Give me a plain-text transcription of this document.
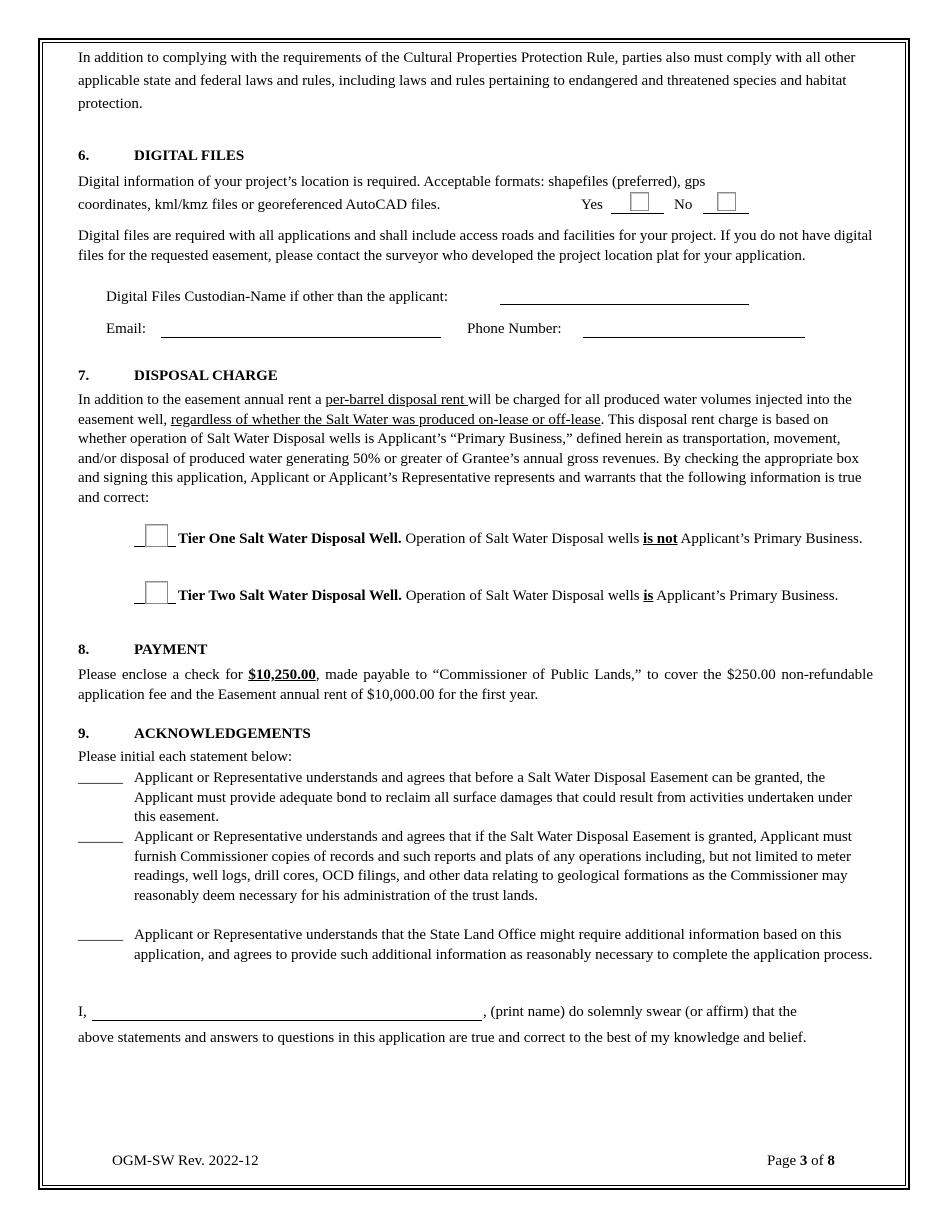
In addition to complying with the requirements of the Cultural Properties Protection Rule, parties also must comply with all other applicable state and federal laws and rules, including laws and rules pertaining to endangered and threatened species and habitat protection.
6.	DIGITAL FILES
Digital information of your project’s location is required. Acceptable formats: shapefiles (preferred), gps
coordinates, kml/kmz files or georeferenced AutoCAD files.	Yes	No
Digital files are required with all applications and shall include access roads and facilities for your project. If you do not have digital files for the requested easement, please contact the surveyor who developed the project location plat for your application.
Digital Files Custodian-Name if other than the applicant:
Email:	Phone Number:
7.	DISPOSAL CHARGE
In addition to the easement annual rent a per-barrel disposal rent will be charged for all produced water volumes injected into the easement well, regardless of whether the Salt Water was produced on-lease or off-lease. This disposal rent charge is based on whether operation of Salt Water Disposal wells is Applicant’s “Primary Business,” defined herein as transportation, movement, and/or disposal of produced water generating 50% or greater of Grantee’s annual gross revenues. By checking the appropriate box and signing this application, Applicant or Applicant’s Representative represents and warrants that the following information is true and correct:
Tier One Salt Water Disposal Well. Operation of Salt Water Disposal wells is not Applicant’s Primary Business.
Tier Two Salt Water Disposal Well. Operation of Salt Water Disposal wells is Applicant’s Primary Business.
8.	PAYMENT
Please enclose a check for $10,250.00, made payable to “Commissioner of Public Lands,” to cover the $250.00 non-refundable application fee and the Easement annual rent of $10,000.00 for the first year.
9.	ACKNOWLEDGEMENTS
Please initial each statement below:
______ Applicant or Representative understands and agrees that before a Salt Water Disposal Easement can be granted, the Applicant must provide adequate bond to reclaim all surface damages that could result from activities undertaken under this easement.
______ Applicant or Representative understands and agrees that if the Salt Water Disposal Easement is granted, Applicant must furnish Commissioner copies of records and such reports and plats of any operations including, but not limited to meter readings, well logs, drill cores, OCD filings, and other data relating to geological formations as the Commissioner may reasonably deem necessary for his administration of the trust lands.
______ Applicant or Representative understands that the State Land Office might require additional information based on this application, and agrees to provide such additional information as reasonably necessary to complete the application process.
I,	, (print name) do solemnly swear (or affirm) that the
above statements and answers to questions in this application are true and correct to the best of my knowledge and belief.
OGM-SW Rev. 2022-12	Page 3 of 8
